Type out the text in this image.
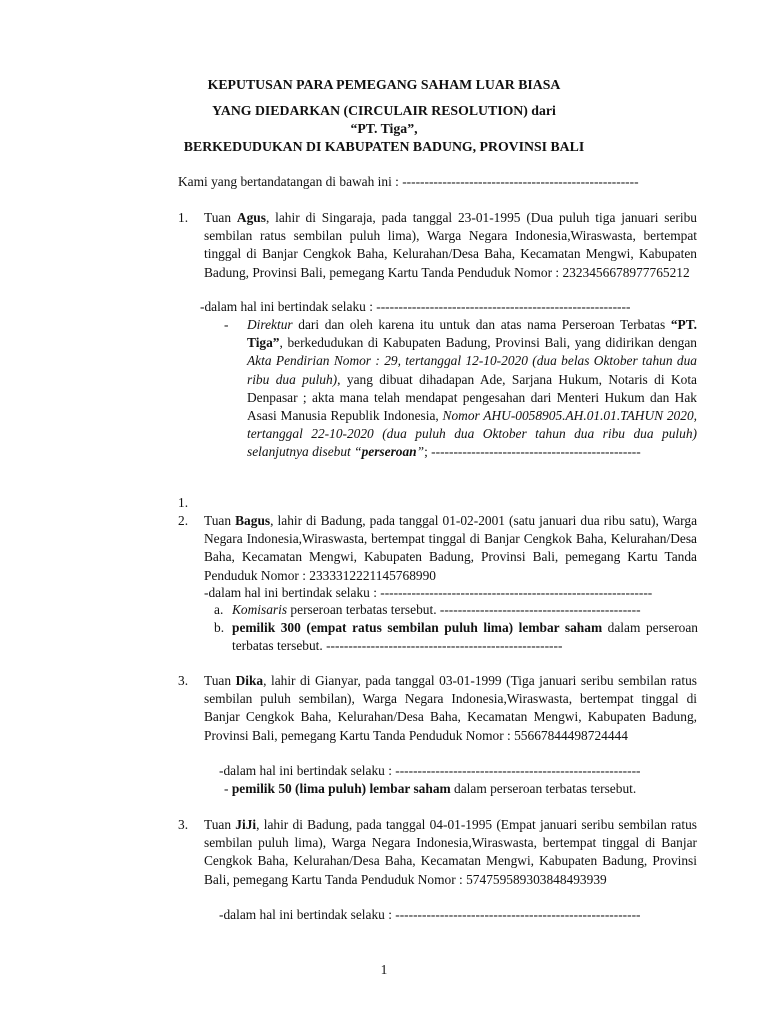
KEPUTUSAN PARA PEMEGANG SAHAM LUAR BIASA
YANG DIEDARKAN (CIRCULAIR RESOLUTION) dari
“PT. Tiga”,
BERKEDUDUKAN DI KABUPATEN BADUNG, PROVINSI BALI
Kami yang bertandatangan di bawah ini : -----------------------------------------------------
1. Tuan Agus, lahir di Singaraja, pada tanggal 23-01-1995 (Dua puluh tiga januari seribu sembilan ratus sembilan puluh lima), Warga Negara Indonesia,Wiraswasta, bertempat tinggal di Banjar Cengkok Baha, Kelurahan/Desa Baha, Kecamatan Mengwi, Kabupaten Badung, Provinsi Bali, pemegang Kartu Tanda Penduduk Nomor : 2323456678977765212
-dalam hal ini bertindak selaku : ---------------------------------------------------------
- Direktur dari dan oleh karena itu untuk dan atas nama Perseroan Terbatas “PT. Tiga”, berkedudukan di Kabupaten Badung, Provinsi Bali, yang didirikan dengan Akta Pendirian Nomor : 29, tertanggal 12-10-2020 (dua belas Oktober tahun dua ribu dua puluh), yang dibuat dihadapan Ade, Sarjana Hukum, Notaris di Kota Denpasar ; akta mana telah mendapat pengesahan dari Menteri Hukum dan Hak Asasi Manusia Republik Indonesia, Nomor AHU-0058905.AH.01.01.TAHUN 2020, tertanggal 22-10-2020 (dua puluh dua Oktober tahun dua ribu dua puluh) selanjutnya disebut “perseroan”; -----------------------------------------------
1.
2. Tuan Bagus, lahir di Badung, pada tanggal 01-02-2001 (satu januari dua ribu satu), Warga Negara Indonesia,Wiraswasta, bertempat tinggal di Banjar Cengkok Baha, Kelurahan/Desa Baha, Kecamatan Mengwi, Kabupaten Badung, Provinsi Bali, pemegang Kartu Tanda Penduduk Nomor : 2333312221145768990
-dalam hal ini bertindak selaku : -------------------------------------------------------------
a. Komisaris perseroan terbatas tersebut. ---------------------------------------------
b. pemilik 300 (empat ratus sembilan puluh lima) lembar saham dalam perseroan terbatas tersebut. -----------------------------------------------------
3. Tuan Dika, lahir di Gianyar, pada tanggal 03-01-1999 (Tiga januari seribu sembilan ratus sembilan puluh sembilan), Warga Negara Indonesia,Wiraswasta, bertempat tinggal di Banjar Cengkok Baha, Kelurahan/Desa Baha, Kecamatan Mengwi, Kabupaten Badung, Provinsi Bali, pemegang Kartu Tanda Penduduk Nomor : 55667844498724444
-dalam hal ini bertindak selaku : -------------------------------------------------------
- pemilik 50 (lima puluh) lembar saham dalam perseroan terbatas tersebut.
3. Tuan JiJi, lahir di Badung, pada tanggal 04-01-1995 (Empat januari seribu sembilan ratus sembilan puluh lima), Warga Negara Indonesia,Wiraswasta, bertempat tinggal di Banjar Cengkok Baha, Kelurahan/Desa Baha, Kecamatan Mengwi, Kabupaten Badung, Provinsi Bali, pemegang Kartu Tanda Penduduk Nomor : 574759589303848493939
-dalam hal ini bertindak selaku : -------------------------------------------------------
1
